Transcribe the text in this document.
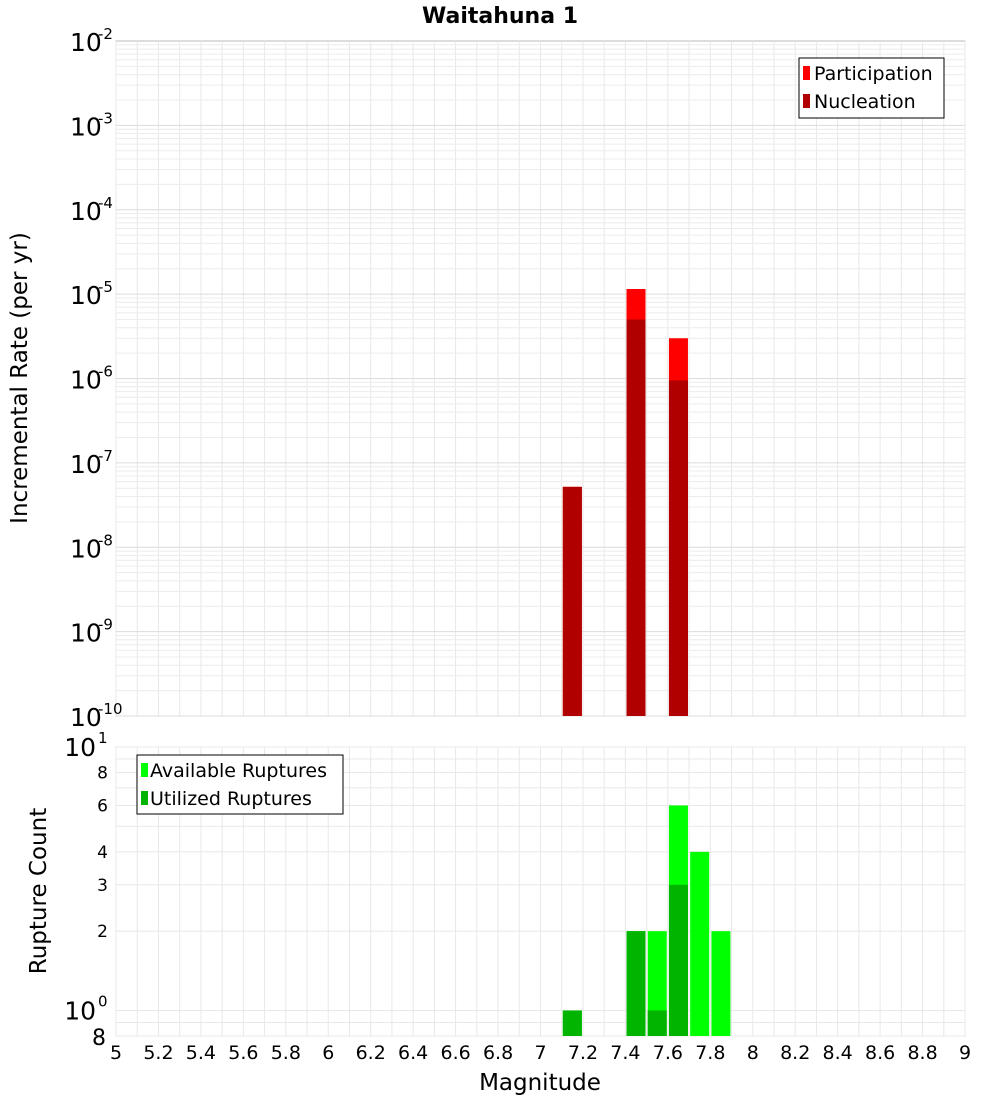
Waitahuna 1
10
-10
10
-9
10
-8
10
-7
10
-6
10
-5
10
-4
10
-3
10
-2
Incremental Rate (per yr)
Participation
Nucleation
8
10 0
2
3
4
6
8
10 1
5 5.2 5.4 5.6 5.8 6 6.2 6.4 6.6 6.8 7 7.2 7.4 7.6 7.8 8 8.2 8.4 8.6 8.8 9
Rupture Count
Magnitude
Available Ruptures
Utilized Ruptures
